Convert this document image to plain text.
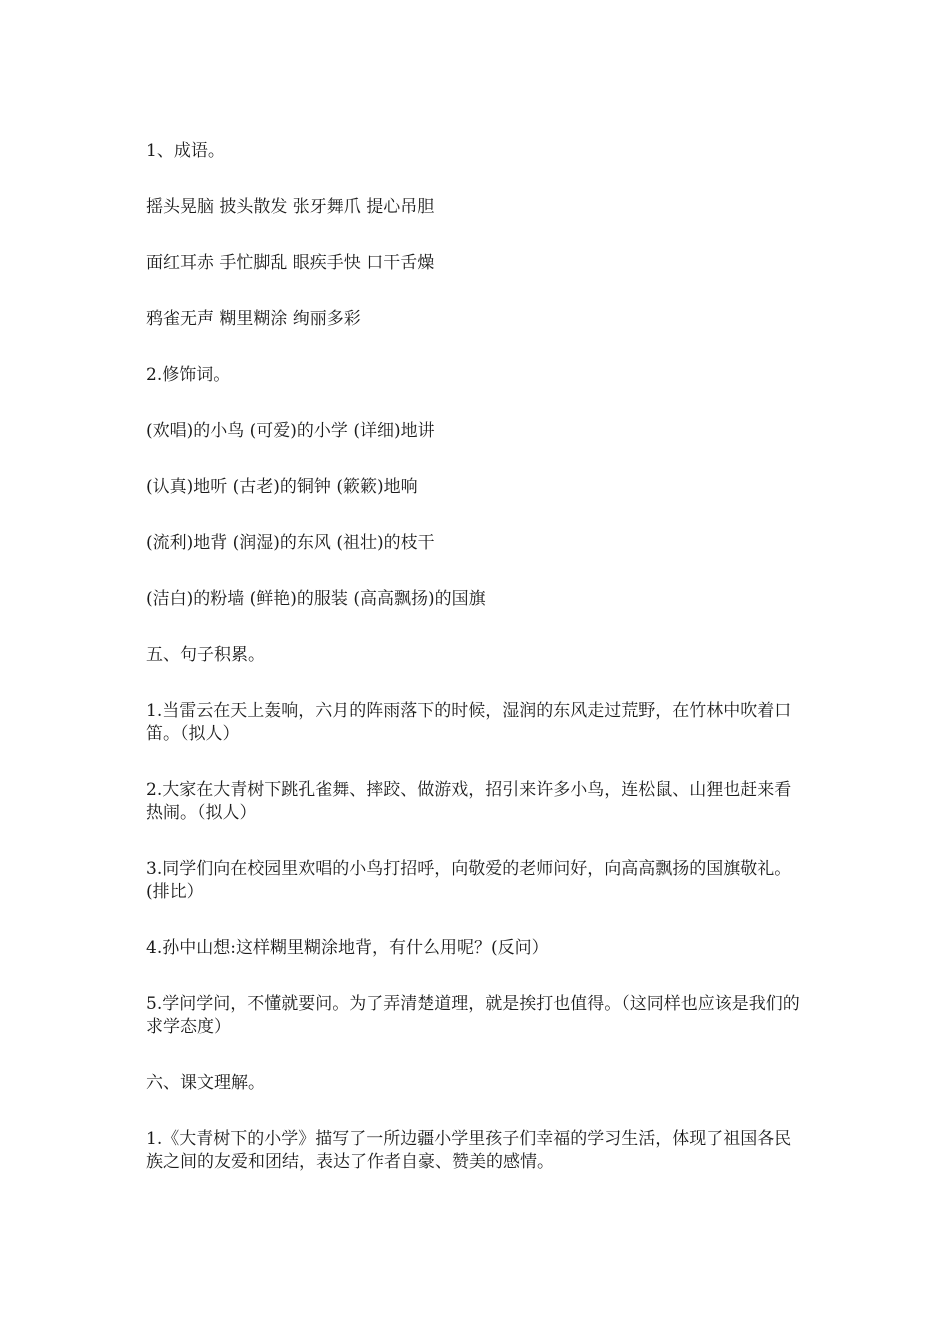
1、成语。

摇头晃脑 披头散发 张牙舞爪 提心吊胆

面红耳赤 手忙脚乱 眼疾手快 口干舌燥

鸦雀无声 糊里糊涂 绚丽多彩

2.修饰词。

(欢唱)的小鸟 (可爱)的小学 (详细)地讲

(认真)地听 (古老)的铜钟 (簌簌)地响

(流利)地背 (润湿)的东风 (祖壮)的枝干

(洁白)的粉墙 (鲜艳)的服装 (高高飘扬)的国旗

五、句子积累。

1.当雷云在天上轰响，六月的阵雨落下的时候，湿润的东风走过荒野，在竹林中吹着口笛。（拟人）

2.大家在大青树下跳孔雀舞、摔跤、做游戏，招引来许多小鸟，连松鼠、山狸也赶来看热闹。（拟人）

3.同学们向在校园里欢唱的小鸟打招呼，向敬爱的老师问好，向高高飘扬的国旗敬礼。(排比）

4.孙中山想:这样糊里糊涂地背，有什么用呢？(反问）

5.学问学问，不懂就要问。为了弄清楚道理，就是挨打也值得。（这同样也应该是我们的求学态度）

六、课文理解。

1.《大青树下的小学》描写了一所边疆小学里孩子们幸福的学习生活，体现了祖国各民族之间的友爱和团结，表达了作者自豪、赞美的感情。
